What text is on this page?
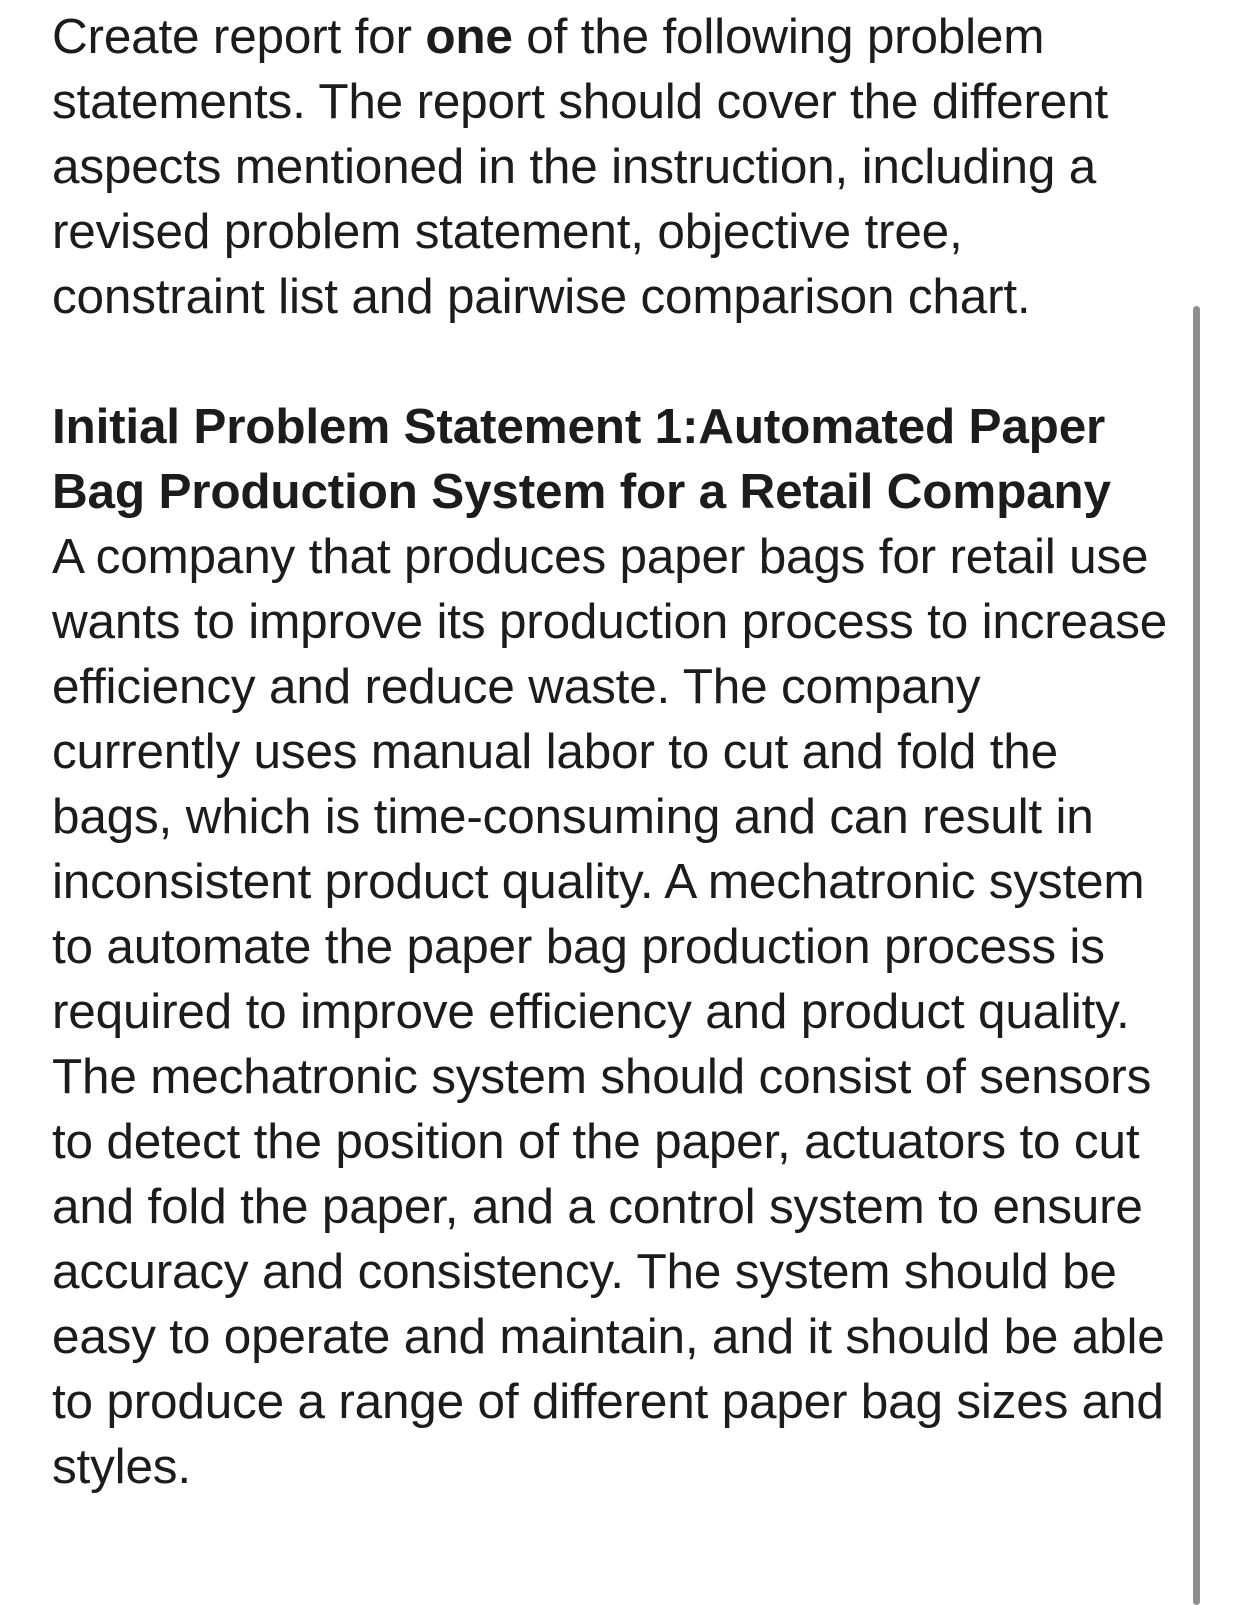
Create report for one of the following problem statements. The report should cover the different aspects mentioned in the instruction, including a revised problem statement, objective tree, constraint list and pairwise comparison chart.

Initial Problem Statement 1:Automated Paper Bag Production System for a Retail Company

A company that produces paper bags for retail use wants to improve its production process to increase efficiency and reduce waste. The company currently uses manual labor to cut and fold the bags, which is time-consuming and can result in inconsistent product quality. A mechatronic system to automate the paper bag production process is required to improve efficiency and product quality. The mechatronic system should consist of sensors to detect the position of the paper, actuators to cut and fold the paper, and a control system to ensure accuracy and consistency. The system should be easy to operate and maintain, and it should be able to produce a range of different paper bag sizes and styles.
